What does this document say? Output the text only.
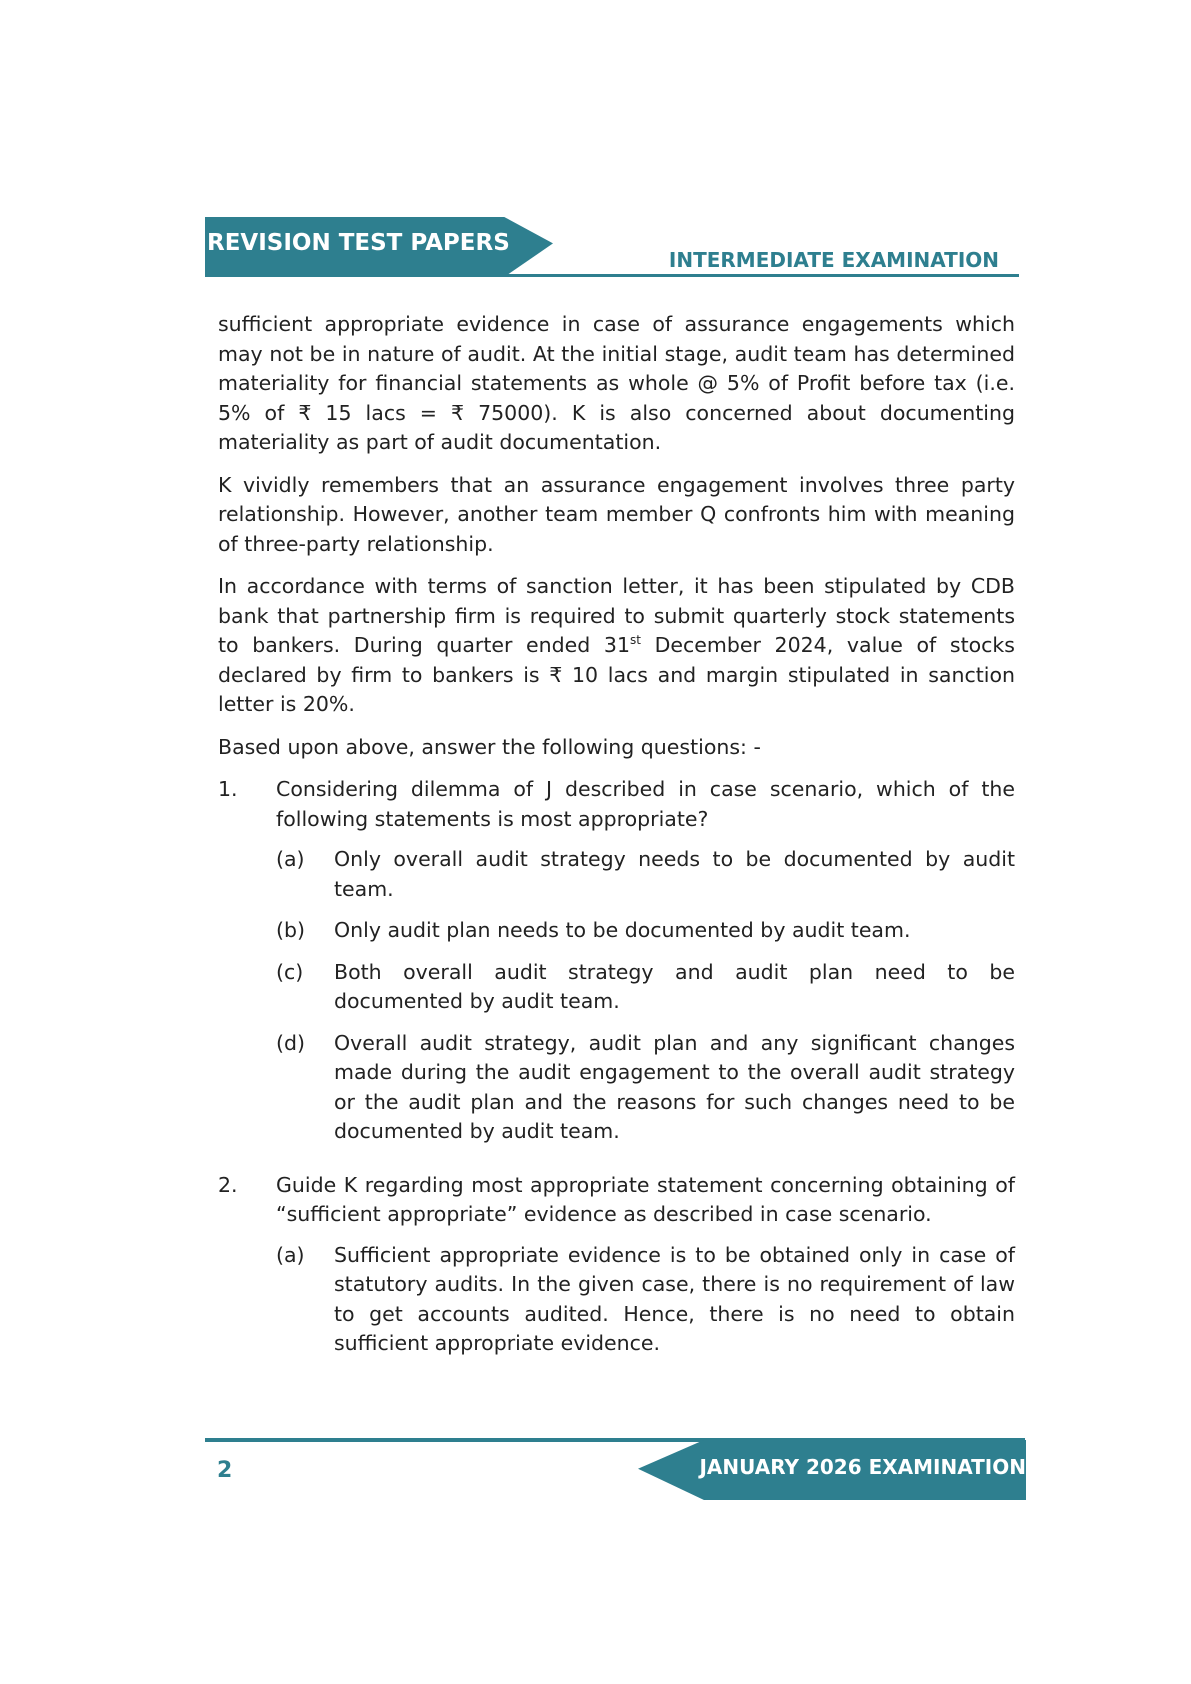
REVISION TEST PAPERS
INTERMEDIATE EXAMINATION

sufficient appropriate evidence in case of assurance engagements which may not be in nature of audit. At the initial stage, audit team has determined materiality for financial statements as whole @ 5% of Profit before tax (i.e. 5% of ₹ 15 lacs = ₹ 75000). K is also concerned about documenting materiality as part of audit documentation.

K vividly remembers that an assurance engagement involves three party relationship. However, another team member Q confronts him with meaning of three-party relationship.

In accordance with terms of sanction letter, it has been stipulated by CDB bank that partnership firm is required to submit quarterly stock statements to bankers. During quarter ended 31st December 2024, value of stocks declared by firm to bankers is ₹ 10 lacs and margin stipulated in sanction letter is 20%.

Based upon above, answer the following questions: -

1.	Considering dilemma of J described in case scenario, which of the following statements is most appropriate?
(a)	Only overall audit strategy needs to be documented by audit team.
(b)	Only audit plan needs to be documented by audit team.
(c)	Both overall audit strategy and audit plan need to be documented by audit team.
(d)	Overall audit strategy, audit plan and any significant changes made during the audit engagement to the overall audit strategy or the audit plan and the reasons for such changes need to be documented by audit team.
2.	Guide K regarding most appropriate statement concerning obtaining of “sufficient appropriate” evidence as described in case scenario.
(a)	Sufficient appropriate evidence is to be obtained only in case of statutory audits. In the given case, there is no requirement of law to get accounts audited. Hence, there is no need to obtain sufficient appropriate evidence.
JANUARY 2026 EXAMINATION
2
